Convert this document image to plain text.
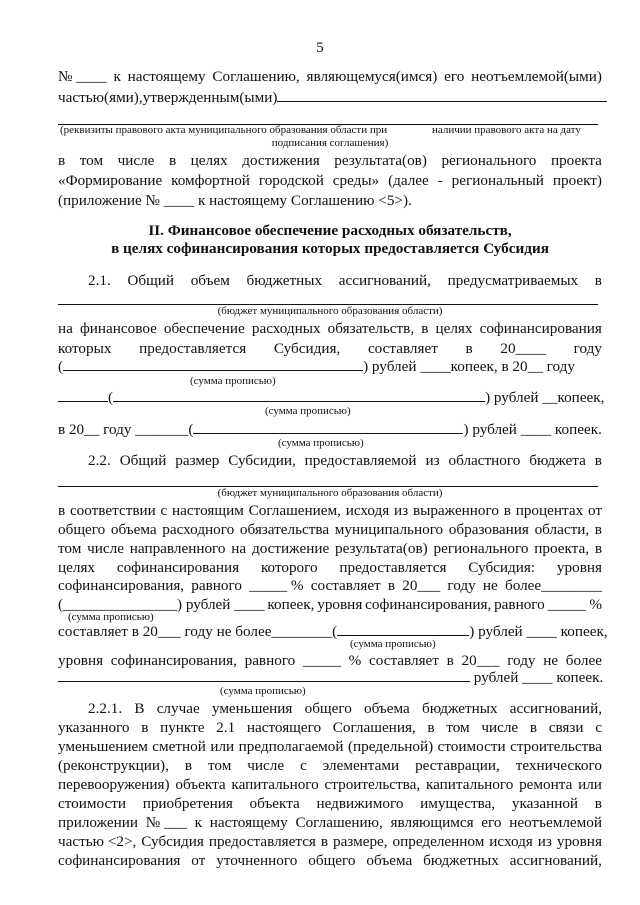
5
№ ____ к настоящему Соглашению, являющемуся(имся) его неотъемлемой(ыми)
частью(ями),утвержденным(ыми)
(реквизиты правового акта муниципального образования области при	наличии правового акта на дату
подписания соглашения)
в том числе в целях достижения результата(ов) регионального проекта
«Формирование комфортной городской среды» (далее - региональный проект)
(приложение № ____ к настоящему Соглашению <5>).
II. Финансовое обеспечение расходных обязательств,
в целях софинансирования которых предоставляется Субсидия
2.1. Общий объем бюджетных ассигнований, предусматриваемых в
(бюджет муниципального образования области)
на финансовое обеспечение расходных обязательств, в целях софинансирования
которых предоставляется Субсидия, составляет в 20____ году
(	) рублей ____копеек, в 20__ году
(сумма прописью)
(	) рублей __копеек,
(сумма прописью)
в 20__ году _______(	) рублей ____ копеек.
(сумма прописью)
2.2. Общий размер Субсидии, предоставляемой из областного бюджета в
(бюджет муниципального образования области)
в соответствии с настоящим Соглашением, исходя из выраженного в процентах от
общего объема расходного обязательства муниципального образования области, в
том числе направленного на достижение результата(ов) регионального проекта, в
целях софинансирования которого предоставляется Субсидия: уровня
софинансирования, равного _____ % составляет в 20___ году не более________
(_______________) рублей ____ копеек, уровня софинансирования, равного _____ %
(сумма прописью)
составляет в 20___ году не более________(	) рублей ____ копеек,
(сумма прописью)
уровня софинансирования, равного _____ % составляет в 20___ году не более
рублей ____ копеек.
(сумма прописью)
2.2.1. В случае уменьшения общего объема бюджетных ассигнований,
указанного в пункте 2.1 настоящего Соглашения, в том числе в связи с
уменьшением сметной или предполагаемой (предельной) стоимости строительства
(реконструкции), в том числе с элементами реставрации, технического
перевооружения) объекта капитального строительства, капитального ремонта или
стоимости приобретения объекта недвижимого имущества, указанной в
приложении № ___ к настоящему Соглашению, являющимся его неотъемлемой
частью <2>, Субсидия предоставляется в размере, определенном исходя из уровня
софинансирования от уточненного общего объема бюджетных ассигнований,
